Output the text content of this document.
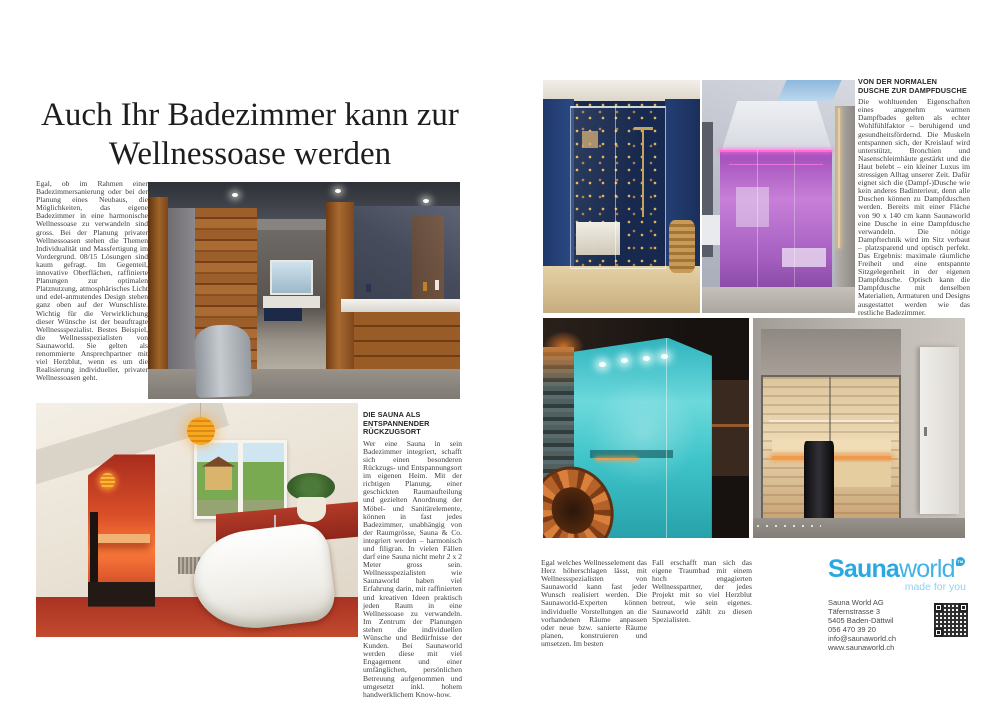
Auch Ihr Badezimmer kann zur Wellnessoase werden
Egal, ob im Rahmen einer Badezimmersanierung oder bei der Planung eines Neubaus, die Möglichkeiten, das eigene Badezimmer in eine harmonische Wellnessoase zu verwandeln sind gross. Bei der Planung privater Wellnessoasen stehen die Themen Individualität und Massfertigung im Vordergrund. 08/15 Lösungen sind kaum gefragt. Im Gegenteil, innovative Oberflächen, raffinierte Planungen zur optimalen Platznutzung, atmosphärisches Licht und edel-anmutendes Design stehen ganz oben auf der Wunschliste. Wichtig für die Verwirklichung dieser Wünsche ist der beauftragte Wellnessspezialist. Bestes Beispiel, die Wellnessspezialisten von Saunaworld. Sie gelten als renommierte Ansprechpartner mit viel Herzblut, wenn es um die Realisierung individueller, privater Wellnessoasen geht.
DIE SAUNA ALS ENTSPANNENDER RÜCKZUGSORT
Wer eine Sauna in sein Badezimmer integriert, schafft sich einen besonderen Rückzugs- und Entspannungsort im eigenen Heim. Mit der richtigen Planung, einer geschickten Raumaufteilung und gezielten Anordnung der Möbel- und Sanitärelemente, können in fast jedes Badezimmer, unabhängig von der Raumgrösse, Sauna & Co. integriert werden – harmonisch und filigran. In vielen Fällen darf eine Sauna nicht mehr 2 x 2 Meter gross sein. Wellnessspezialisten wie Saunaworld haben viel Erfahrung darin, mit raffinierten und kreativen Ideen praktisch jeden Raum in eine Wellnessoase zu verwandeln. Im Zentrum der Planungen stehen die individuellen Wünsche und Bedürfnisse der Kunden. Bei Saunaworld werden diese mit viel Engagement und einer umfänglichen, persönlichen Betreuung aufgenommen und umgesetzt inkl. hohem handwerklichem Know-how.
VON DER NORMALEN DUSCHE ZUR DAMPFDUSCHE
Die wohltuenden Eigenschaften eines angenehm warmen Dampfbades gelten als echter Wohlfühlfaktor – beruhigend und gesundheitsfördernd. Die Muskeln entspannen sich, der Kreislauf wird unterstützt, Bronchien und Nasenschleimhäute gestärkt und die Haut belebt – ein kleiner Luxus im stressigen Alltag unserer Zeit. Dafür eignet sich die (Dampf-)Dusche wie kein anderes Badinterieur, denn alle Duschen können zu Dampfduschen werden. Bereits mit einer Fläche von 90 x 140 cm kann Saunaworld eine Dusche in eine Dampfdusche verwandeln. Die nötige Dampftechnik wird im Sitz verbaut – platzsparend und optisch perfekt. Das Ergebnis: maximale räumliche Freiheit und eine entspannte Sitzgelegenheit in der eigenen Dampfdusche. Optisch kann die Dampfdusche mit denselben Materialien, Armaturen und Designs ausgestattet werden wie das restliche Badezimmer.
Egal welches Wellnesselement das Herz höherschlagen lässt, mit Wellnessspezialisten von Saunaworld kann fast jeder Wunsch realisiert werden. Die Saunaworld-Experten können individuelle Vorstellungen an die vorhandenen Räume anpassen oder neue bzw. sanierte Räume planen, konstruieren und umsetzen. Im besten
Fall erschafft man sich das eigene Traumbad mit einem hoch engagierten Wellnesspartner, der jedes Projekt mit so viel Herzblut betreut, wie sein eigenes. Saunaworld zählt zu diesen Spezialisten.
Saunaworld TM
made for you
Sauna World AG
Täfernstrasse 3
5405 Baden-Dättwil
056 470 39 20
info@saunaworld.ch
www.saunaworld.ch
